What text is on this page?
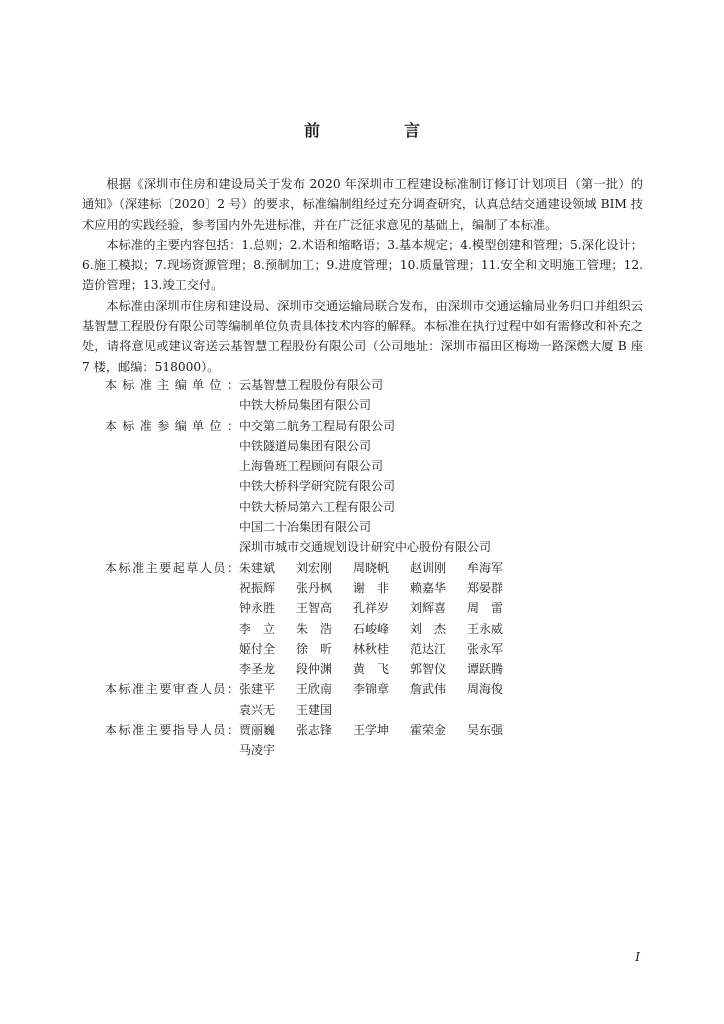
前　言

根据《深圳市住房和建设局关于发布 2020 年深圳市工程建设标准制订修订计划项目（第一批）的通知》（深建标〔2020〕2 号）的要求，标准编制组经过充分调查研究，认真总结交通建设领域 BIM 技术应用的实践经验，参考国内外先进标准，并在广泛征求意见的基础上，编制了本标准。

本标准的主要内容包括：1.总则；2.术语和缩略语；3.基本规定；4.模型创建和管理；5.深化设计；6.施工模拟；7.现场资源管理；8.预制加工；9.进度管理；10.质量管理；11.安全和文明施工管理；12.造价管理；13.竣工交付。

本标准由深圳市住房和建设局、深圳市交通运输局联合发布，由深圳市交通运输局业务归口并组织云基智慧工程股份有限公司等编制单位负责具体技术内容的解释。本标准在执行过程中如有需修改和补充之处，请将意见或建议寄送云基智慧工程股份有限公司（公司地址：深圳市福田区梅坳一路深燃大厦 B 座 7 楼，邮编：518000）。

本标准主编单位： 云基智慧工程股份有限公司
中铁大桥局集团有限公司
本标准参编单位： 中交第二航务工程局有限公司
中铁隧道局集团有限公司
上海鲁班工程顾问有限公司
中铁大桥科学研究院有限公司
中铁大桥局第六工程有限公司
中国二十冶集团有限公司
深圳市城市交通规划设计研究中心股份有限公司
本标准主要起草人员： 朱建斌	刘宏刚	周晓帆	赵训刚	牟海军
祝振辉	张丹枫	谢　非	赖嘉华	郑晏群
钟永胜	王智高	孔祥岁	刘辉喜	周　雷
李　立	朱　浩	石峻峰	刘　杰	王永威
姬付全	徐　昕	林秋桂	范达江	张永军
李圣龙	段仲渊	黄　飞	郭智仪	谭跃腾
本标准主要审查人员： 张建平	王欣南	李锦章	詹武伟	周海俊
袁兴无	王建国
本标准主要指导人员： 贾丽巍	张志锋	王学坤	霍荣金	吴东强
马凌宇
I
